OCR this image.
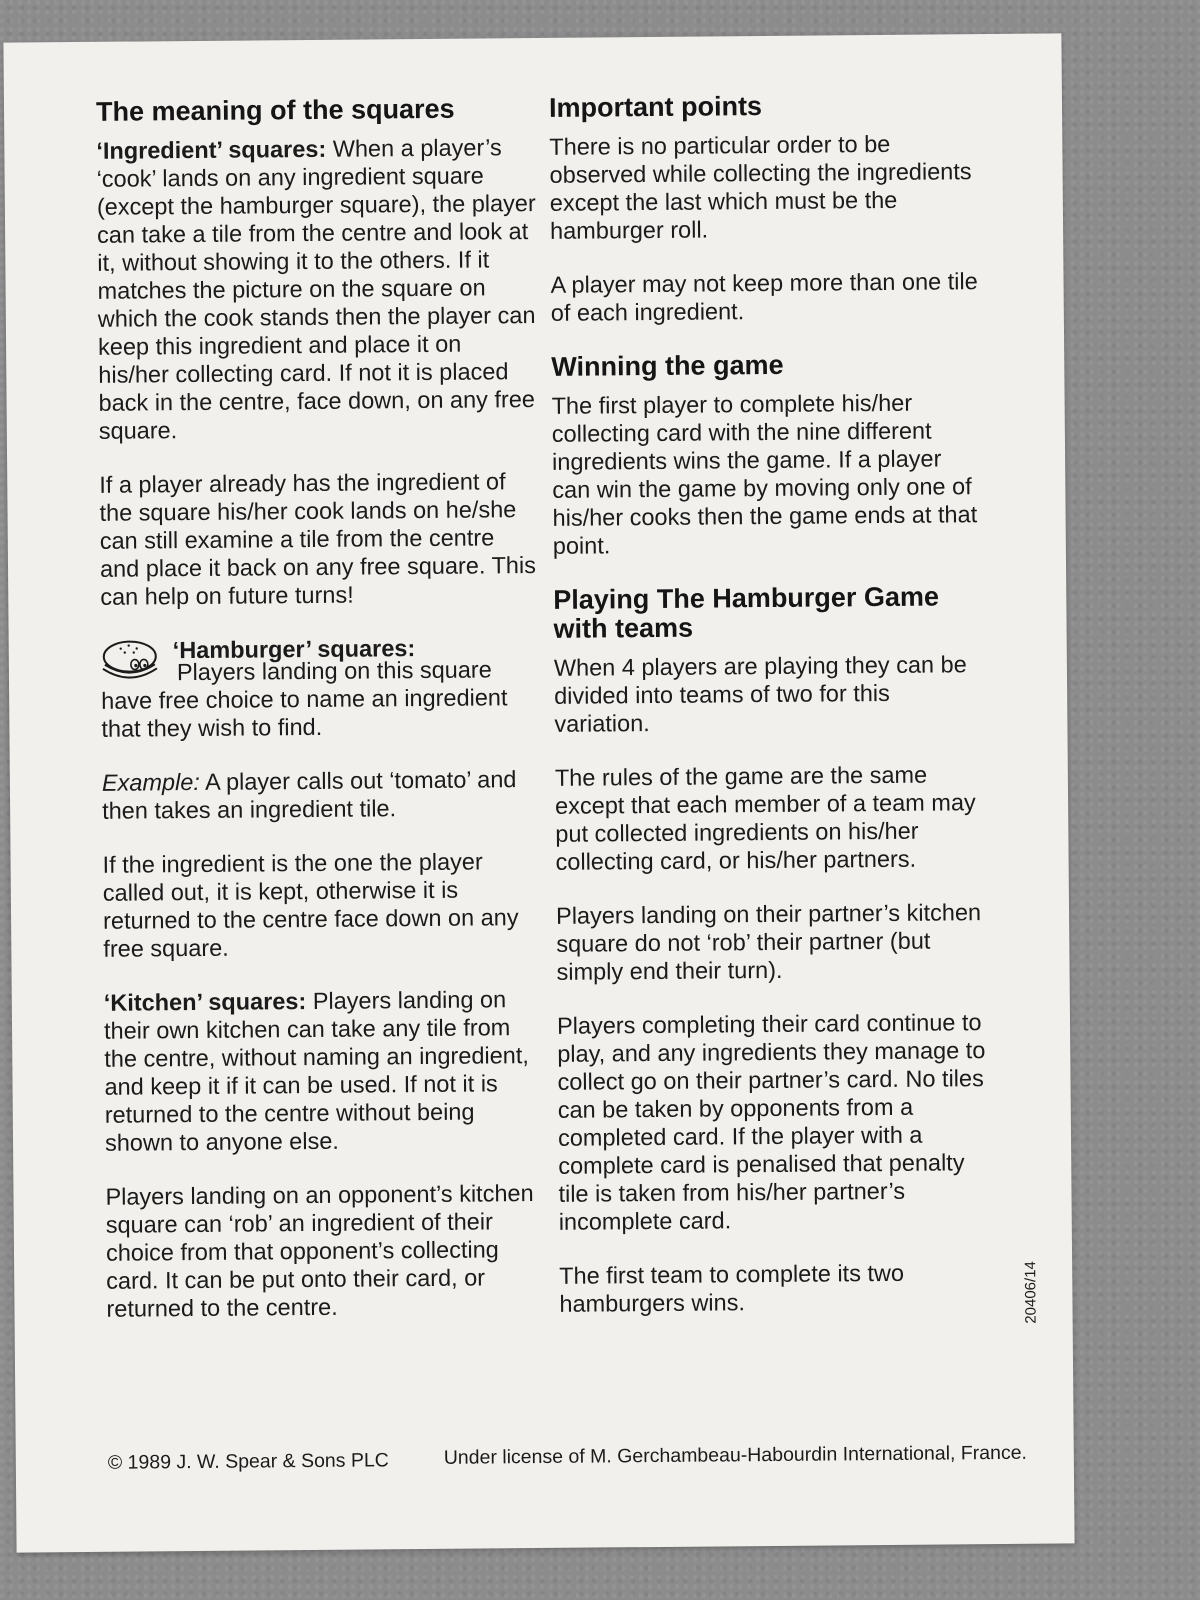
The meaning of the squares

‘Ingredient’ squares: When a player’s ‘cook’ lands on any ingredient square (except the hamburger square), the player can take a tile from the centre and look at it, without showing it to the others. If it matches the picture on the square on which the cook stands then the player can keep this ingredient and place it on his/her collecting card. If not it is placed back in the centre, face down, on any free square.

If a player already has the ingredient of the square his/her cook lands on he/she can still examine a tile from the centre and place it back on any free square. This can help on future turns!

‘Hamburger’ squares:

Players landing on this square have free choice to name an ingredient that they wish to find.

Example: A player calls out ‘tomato’ and then takes an ingredient tile.

If the ingredient is the one the player called out, it is kept, otherwise it is returned to the centre face down on any free square.

‘Kitchen’ squares: Players landing on their own kitchen can take any tile from the centre, without naming an ingredient, and keep it if it can be used. If not it is returned to the centre without being shown to anyone else.

Players landing on an opponent’s kitchen square can ‘rob’ an ingredient of their choice from that opponent’s collecting card. It can be put onto their card, or returned to the centre.

Important points

There is no particular order to be observed while collecting the ingredients except the last which must be the hamburger roll.

A player may not keep more than one tile of each ingredient.

Winning the game

The first player to complete his/her collecting card with the nine different ingredients wins the game. If a player can win the game by moving only one of his/her cooks then the game ends at that point.

Playing The Hamburger Game with teams

When 4 players are playing they can be divided into teams of two for this variation.

The rules of the game are the same except that each member of a team may put collected ingredients on his/her collecting card, or his/her partners.

Players landing on their partner’s kitchen square do not ‘rob’ their partner (but simply end their turn).

Players completing their card continue to play, and any ingredients they manage to collect go on their partner’s card. No tiles can be taken by opponents from a completed card. If the player with a complete card is penalised that penalty tile is taken from his/her partner’s incomplete card.

The first team to complete its two hamburgers wins.	20406/14
© 1989 J. W. Spear & Sons PLC	Under license of M. Gerchambeau-Habourdin International, France.
